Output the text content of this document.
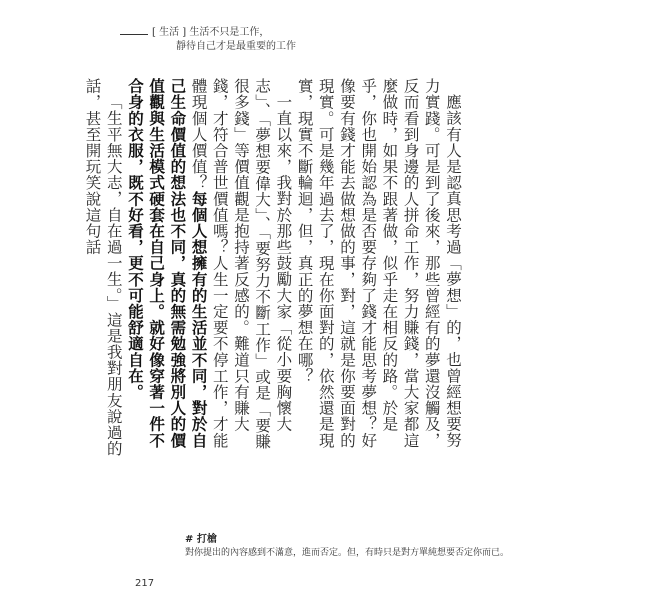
[ 生活 ] 生活不只是工作，
靜待自己才是最重要的工作

應該有人是認真思考過「夢想」的，也曾經想要努力實踐。可是到了後來，那些曾經有的夢還沒觸及，反而看到身邊的人拼命工作，努力賺錢，當大家都這麼做時，如果不跟著做，似乎走在相反的路。於是乎，你也開始認為是否要存夠了錢才能思考夢想？好像要有錢才能去做想做的事，對，這就是你要面對的現實。可是幾年過去了，現在你面對的，依然還是現實，現實不斷輪迴，但，真正的夢想在哪？

一直以來，我對於那些鼓勵大家「從小要胸懷大志」、「夢想要偉大」、「要努力不斷工作」或是「要賺很多錢」等價值觀是抱持著反感的。難道只有賺大錢，才符合普世價值嗎？人生一定要不停工作，才能體現個人價值？每個人想擁有的生活並不同，對於自己生命價值的想法也不同，真的無需勉強將別人的價值觀與生活模式硬套在自己身上。就好像穿著一件不合身的衣服，既不好看，更不可能舒適自在。

「生平無大志，自在過一生。」這是我對朋友說過的話，甚至開玩笑說這句話

# 打槍
對你提出的內容感到不滿意，進而否定。但，有時只是對方單純想要否定你而已。
217
